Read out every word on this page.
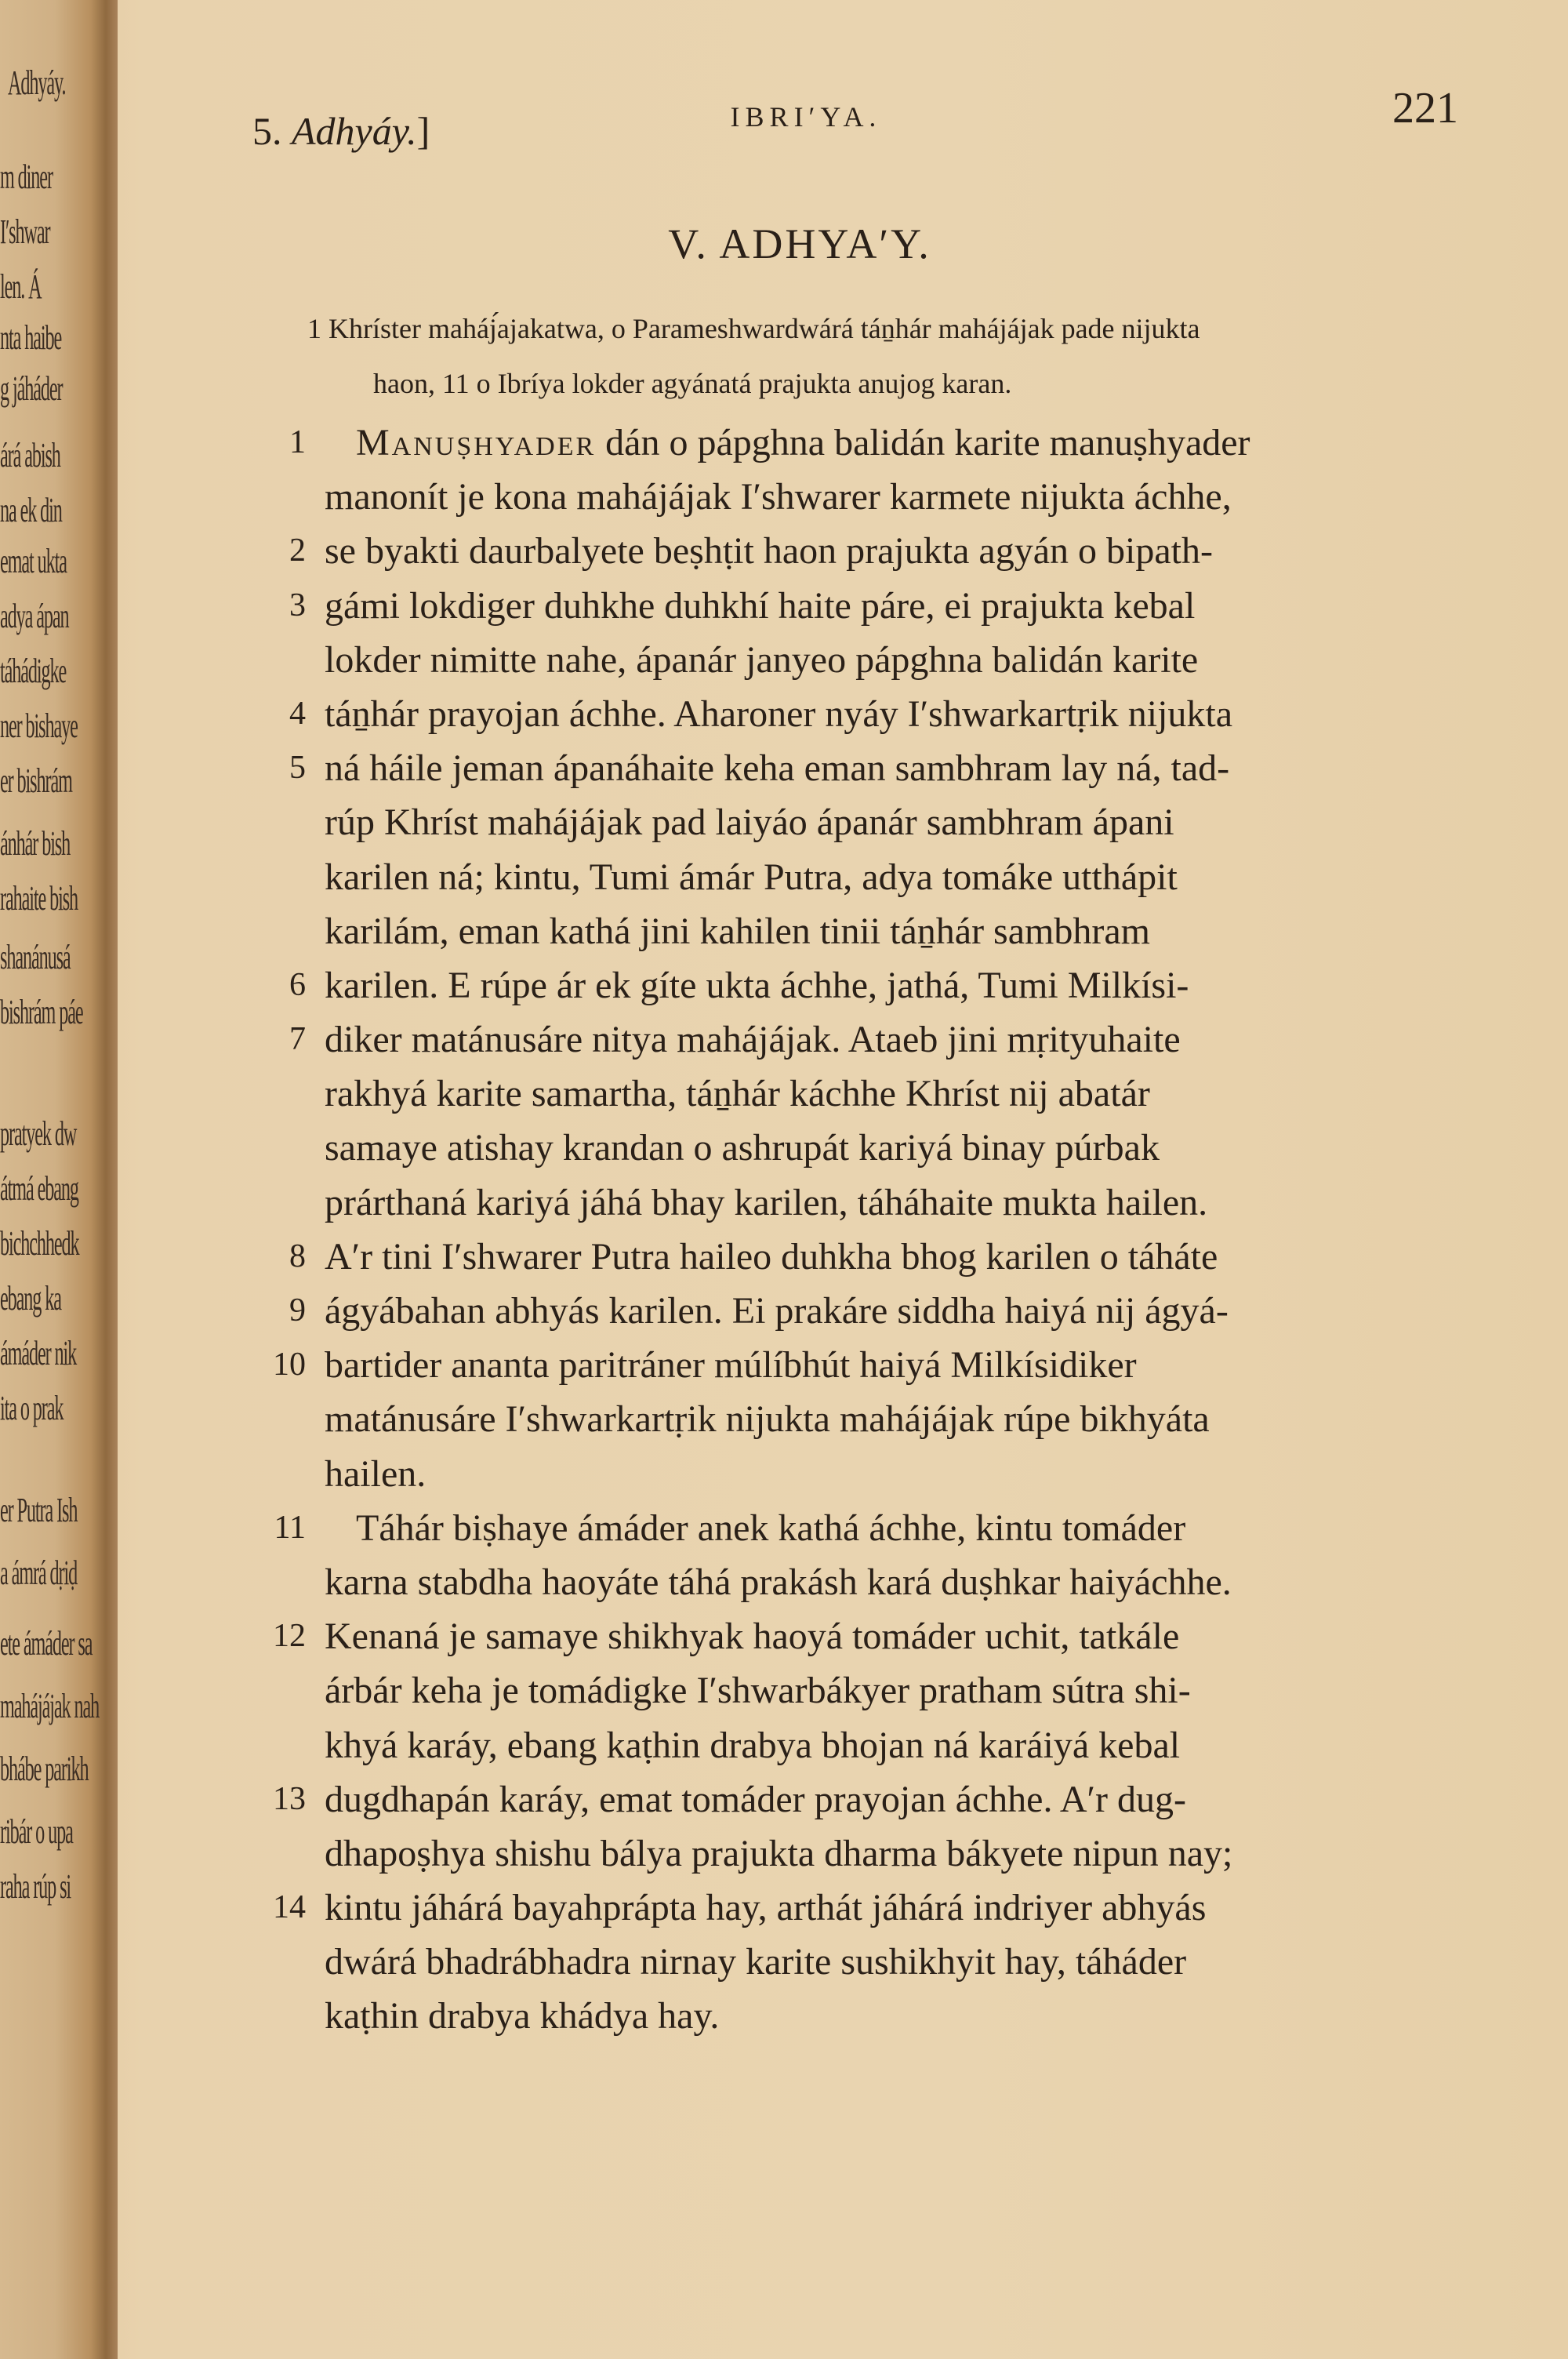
Adhyáy.
m diner
I′shwar
len. Á
nta haibe
g jáháder
árá abish
na ek din
emat ukta
adya ápan
táhádigke
ner bishaye
er bishrám
ánhár bish
rahaite bish
shanánusá
bishrám páe
pratyek dw
átmá ebang
bichchhedk
ebang ka
ámáder nik
ita o prak
er Putra Ish
a ámrá dṛiḍ
ete ámáder sa
mahájájak nah
bhábe parikh
ribár o upa
raha rúp si
5. Adhyáy.]	IBRI′YA.	221
V. ADHYA′Y.
1 Khríster maháj́ajakatwa, o Parameshwardwárá táṉhár mahájájak pade nijukta
haon, 11 o Ibríya lokder agyánatá prajukta anujog karan.
1 Manuṣhyader dán o pápghna balidán karite manuṣhyader
manonít je kona mahájájak I′shwarer karmete nijukta áchhe,
2 se byakti daurbalyete beṣhṭit haon prajukta agyán o bipath-
3 gámi lokdiger duhkhe duhkhí haite páre, ei prajukta kebal
lokder nimitte nahe, ápanár janyeo pápghna balidán karite
4 táṉhár prayojan áchhe. Aharoner nyáy I′shwarkartṛik nijukta
5 ná háile jeman ápanáhaite keha eman sambhram lay ná, tad-
rúp Khríst mahájájak pad laiyáo ápanár sambhram ápani
karilen ná; kintu, Tumi ámár Putra, adya tomáke utthápit
karilám, eman kathá jini kahilen tinii táṉhár sambhram
6 karilen. E rúpe ár ek gíte ukta áchhe, jathá, Tumi Milkísi-
7 diker matánusáre nitya mahájájak. Ataeb jini mṛityuhaite
rakhyá karite samartha, táṉhár káchhe Khríst nij abatár
samaye atishay krandan o ashrupát kariyá binay púrbak
prárthaná kariyá jáhá bhay karilen, táháhaite mukta hailen.
8 A′r tini I′shwarer Putra haileo duhkha bhog karilen o táháte
9 ágyábahan abhyás karilen. Ei prakáre siddha haiyá nij ágyá-
10 bartider ananta paritráner múlíbhút haiyá Milkísidiker
matánusáre I′shwarkartṛik nijukta mahájájak rúpe bikhyáta
hailen.
11 Táhár biṣhaye ámáder anek kathá áchhe, kintu tomáder
karna stabdha haoyáte táhá prakásh kará duṣhkar haiyáchhe.
12 Kenaná je samaye shikhyak haoyá tomáder uchit, tatkále
árbár keha je tomádigke I′shwarbákyer pratham sútra shi-
khyá karáy, ebang kaṭhin drabya bhojan ná karáiyá kebal
13 dugdhapán karáy, emat tomáder prayojan áchhe. A′r dug-
dhapoṣhya shishu bálya prajukta dharma bákyete nipun nay;
14 kintu jáhárá bayahprápta hay, arthát jáhárá indriyer abhyás
dwárá bhadrábhadra nirnay karite sushikhyit hay, táháder
kaṭhin drabya khádya hay.
